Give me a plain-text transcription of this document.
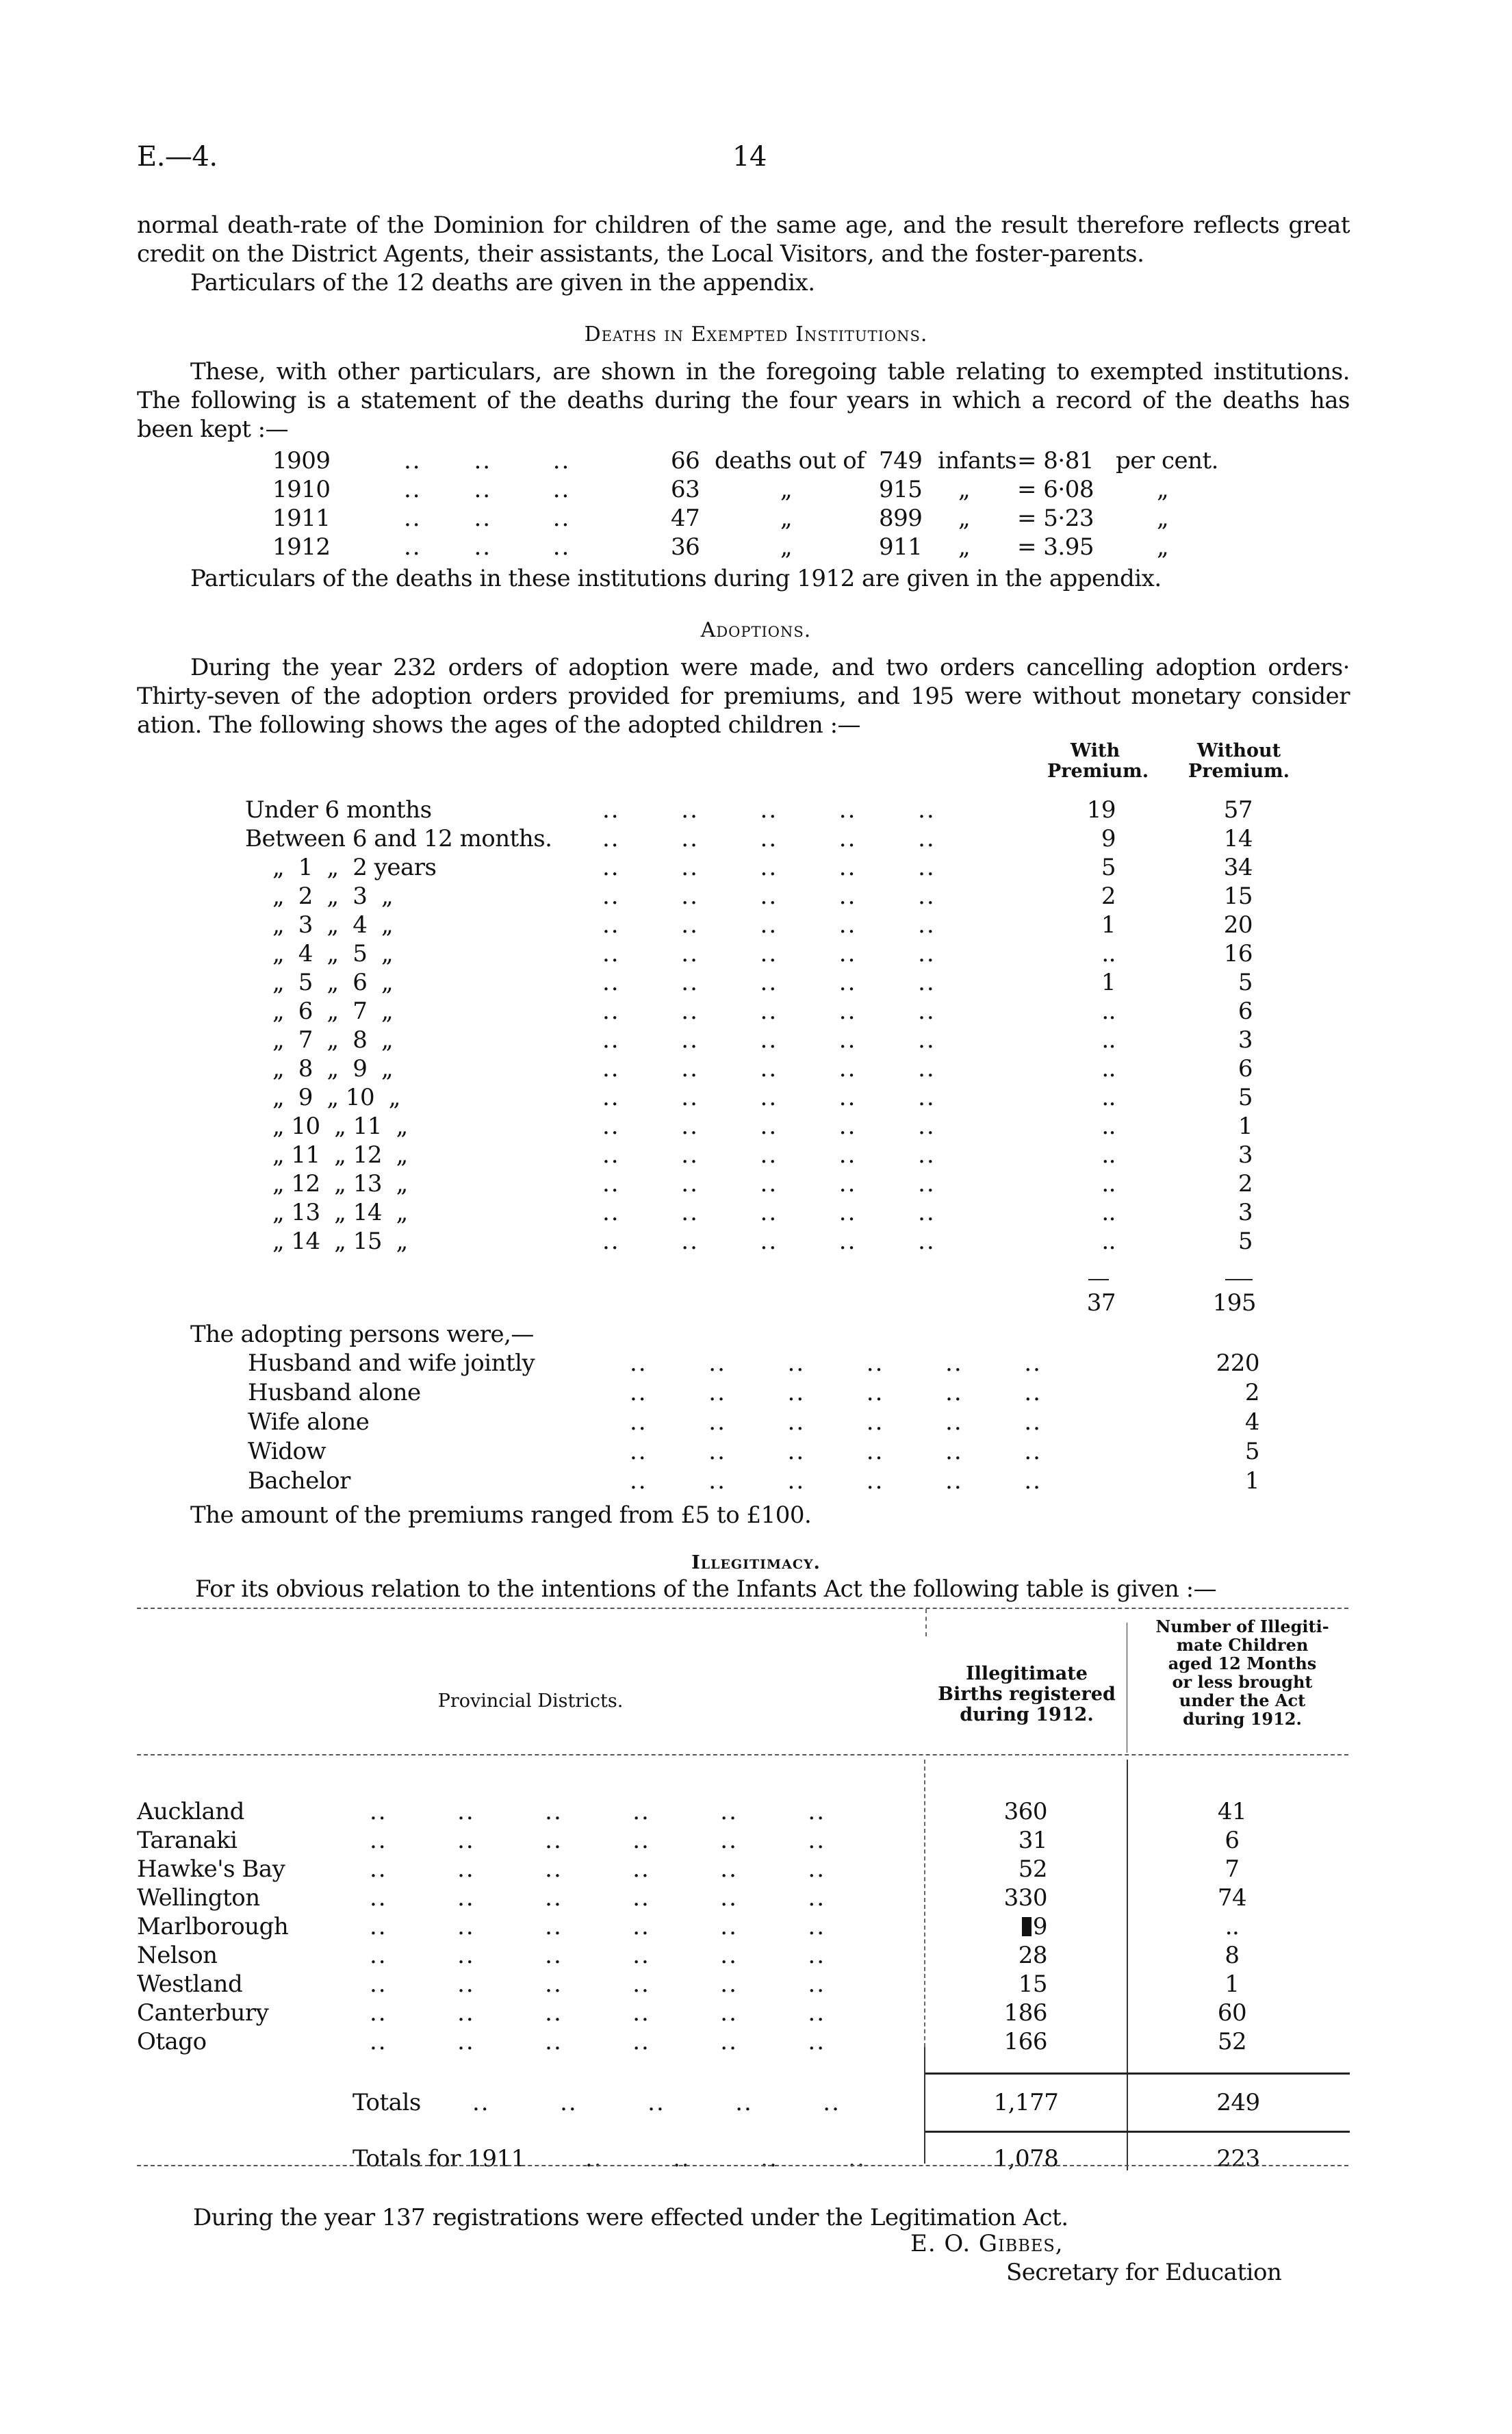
E.—4.	14
normal death-rate of the Dominion for children of the same age, and the result therefore reflects great
credit on the District Agents, their assistants, the Local Visitors, and the foster-parents.
Particulars of the 12 deaths are given in the appendix.
Deaths in Exempted Institutions.
These, with other particulars, are shown in the foregoing table relating to exempted institutions.
The following is a statement of the deaths during the four years in which a record of the deaths has
been kept :—
1909	..      ..       ..	66 deaths out of 749 infants = 8·81 per cent.
1910	..      ..       ..	63	„	915 „ = 6·08	„
1911	..      ..       ..	47	„	899 „ = 5·23	„
1912	..      ..       ..	36	„	911 „ = 3.95	„
Particulars of the deaths in these institutions during 1912 are given in the appendix.
Adoptions.
During the year 232 orders of adoption were made, and two orders cancelling adoption orders·
Thirty-seven of the adoption orders provided for premiums, and 195 were without monetary consider
ation. The following shows the ages of the adopted children :—
With
Premium.
Without
Premium.
Under 6 months	..       ..       ..       ..       ..	19	57
Between 6 and 12 months. ..       ..       ..       ..       ..	9	14
„  1  „  2 years	..       ..       ..       ..       ..	5	34
„  2  „  3  „	..       ..       ..       ..       ..	2	15
„  3  „  4  „	..       ..       ..       ..       ..	1	20
„  4  „  5  „	..       ..       ..       ..       ..	..	16
„  5  „  6  „	..       ..       ..       ..       ..	1	5
„  6  „  7  „	..       ..       ..       ..       ..	..	6
„  7  „  8  „	..       ..       ..       ..       ..	..	3
„  8  „  9  „	..       ..       ..       ..       ..	..	6
„  9  „ 10  „	..       ..       ..       ..       ..	..	5
„ 10  „ 11  „	..       ..       ..       ..       ..	..	1
„ 11  „ 12  „	..       ..       ..       ..       ..	..	3
„ 12  „ 13  „	..       ..       ..       ..       ..	..	2
„ 13  „ 14  „	..       ..       ..       ..       ..	..	3
„ 14  „ 15  „	..       ..       ..       ..       ..	..	5
37	195
The adopting persons were,—
Husband and wife jointly	..       ..       ..       ..       ..       ..	220
Husband alone	..       ..       ..       ..       ..       ..	2
Wife alone	..       ..       ..       ..       ..       ..	4
Widow	..       ..       ..       ..       ..       ..	5
Bachelor	..       ..       ..       ..       ..       ..	1
The amount of the premiums ranged from £5 to £100.
Illegitimacy.
For its obvious relation to the intentions of the Infants Act the following table is given :—
Provincial Districts.
Illegitimate
Births registered
during 1912.
Number of Illegiti-
mate Children
aged 12 Months
or less brought
under the Act
during 1912.
Auckland	..        ..        ..        ..        ..        ..	360	41
Taranaki	..        ..        ..        ..        ..        ..	31	6
Hawke's Bay	..        ..        ..        ..        ..        ..	52	7
Wellington	..        ..        ..        ..        ..        ..	330	74
Marlborough	..        ..        ..        ..        ..        ..	9	..
Nelson	..        ..        ..        ..        ..        ..	28	8
Westland	..        ..        ..        ..        ..        ..	15	1
Canterbury	..        ..        ..        ..        ..        ..	186	60
Otago	..        ..        ..        ..        ..        ..	166	52
Totals ..        ..        ..        ..        ..	1,177	249
Totals for 1911	..        ..        ..        ..	1,078	223
During the year 137 registrations were effected under the Legitimation Act.
E. O. Gibbes,
Secretary for Education
